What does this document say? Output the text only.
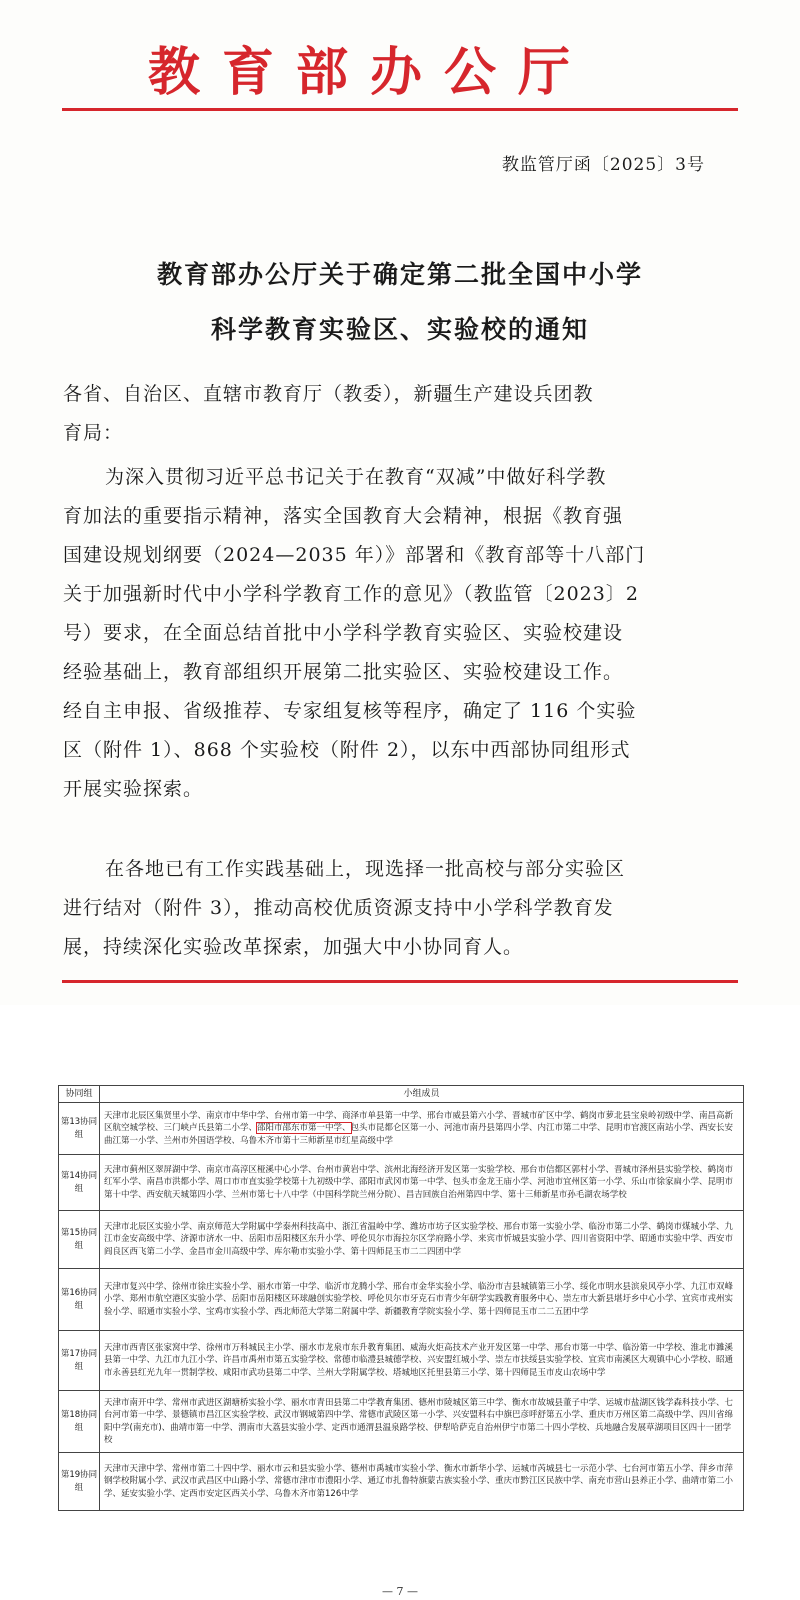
教育部办公厅
教监管厅函〔2025〕3号
教育部办公厅关于确定第二批全国中小学
科学教育实验区、实验校的通知
各省、自治区、直辖市教育厅（教委），新疆生产建设兵团教
育局：
为深入贯彻习近平总书记关于在教育“双减”中做好科学教
育加法的重要指示精神，落实全国教育大会精神，根据《教育强
国建设规划纲要（2024—2035 年）》部署和《教育部等十八部门
关于加强新时代中小学科学教育工作的意见》（教监管〔2023〕2
号）要求，在全面总结首批中小学科学教育实验区、实验校建设
经验基础上，教育部组织开展第二批实验区、实验校建设工作。
经自主申报、省级推荐、专家组复核等程序，确定了 116 个实验
区（附件 1）、868 个实验校（附件 2），以东中西部协同组形式
开展实验探索。
在各地已有工作实践基础上，现选择一批高校与部分实验区
进行结对（附件 3），推动高校优质资源支持中小学科学教育发
展，持续深化实验改革探索，加强大中小协同育人。
协同组	小组成员
第13协同组	天津市北辰区集贤里小学、南京市中华中学、台州市第一中学、商泽市单县第一中学、邢台市威县第六小学、晋城市矿区中学、鹤岗市萝北县宝泉岭初级中学、南昌高新区航空城学校、三门峡卢氏县第二小学、邵阳市邵东市第一中学、包头市昆都仑区第一小、河池市南丹县第四小学、内江市第二中学、昆明市官渡区南站小学、西安长安曲江第一小学、兰州市外国语学校、乌鲁木齐市第十三师新星市红星高级中学
第14协同组	天津市蓟州区翠屏湖中学、南京市高淳区桠溪中心小学、台州市黄岩中学、滨州北海经济开发区第一实验学校、邢台市信都区郭村小学、晋城市泽州县实验学校、鹤岗市红军小学、南昌市洪都小学、周口市市直实验学校第十九初级中学、邵阳市武冈市第一中学、包头市金龙王庙小学、河池市宜州区第一小学、乐山市徐家扁小学、昆明市第十中学、西安航天城第四小学、兰州市第七十八中学（中国科学院兰州分院）、昌吉回族自治州第四中学、第十三师新星市孙毛湖农场学校
第15协同组	天津市北辰区实验小学、南京师范大学附属中学泰州科技高中、浙江省温岭中学、潍坊市坊子区实验学校、邢台市第一实验小学、临汾市第二小学、鹤岗市煤城小学、九江市金安高级中学、济源市济水一中、岳阳市岳阳楼区东升小学、呼伦贝尔市海拉尔区学府路小学、来宾市忻城县实验小学、四川省资阳中学、昭通市实验中学、西安市阎良区西飞第二小学、金昌市金川高级中学、库尔勒市实验小学、第十四师昆玉市二二四团中学
第16协同组	天津市复兴中学、徐州市徐庄实验小学、丽水市第一中学、临沂市龙腾小学、邢台市金华实验小学、临汾市吉县城镇第三小学、绥化市明水县滨泉风亭小学、九江市双峰小学、郑州市航空港区实验小学、岳阳市岳阳楼区环球融创实验学校、呼伦贝尔市牙克石市青少年研学实践教育服务中心、崇左市大新县堪圩乡中心小学、宜宾市戎州实验小学、昭通市实验小学、宝鸡市实验小学、西北师范大学第二附属中学、新疆教育学院实验小学、第十四师昆玉市二二五团中学
第17协同组	天津市西青区张家窝中学、徐州市万科城民主小学、丽水市龙泉市东升教育集团、威海火炬高技术产业开发区第一中学、邢台市第一中学、临汾第一中学校、淮北市濉溪县第一中学、九江市九江小学、许昌市禹州市第五实验学校、常德市临澧县城德学校、兴安盟红城小学、崇左市扶绥县实验学校、宜宾市南溪区大观镇中心小学校、昭通市永善县红光九年一贯制学校、咸阳市武功县第二中学、兰州大学附属学校、塔城地区托里县第三小学、第十四师昆玉市皮山农场中学
第18协同组	天津市南开中学、常州市武进区湖塘桥实验小学、丽水市青田县第二中学教育集团、德州市陵城区第三中学、衡水市故城县董子中学、运城市盐湖区钱学森科技小学、七台河市第一中学、景德镇市昌江区实验学校、武汉市钢城第四中学、常德市武陵区第一小学、兴安盟科右中旗巴彦呼舒第五小学、重庆市万州区第二高级中学、四川省绵阳中学(南充市)、曲靖市第一中学、渭南市大荔县实验小学、定西市通渭县温泉路学校、伊犁哈萨克自治州伊宁市第二十四小学校、兵地融合发展草湖项目区四十一团学校
第19协同组	天津市天津中学、常州市第二十四中学、丽水市云和县实验小学、德州市禹城市实验小学、衡水市新华小学、运城市芮城县七一示范小学、七台河市第五小学、萍乡市萍钢学校附属小学、武汉市武昌区中山路小学、常德市津市市澧阳小学、通辽市扎鲁特旗蒙古族实验小学、重庆市黔江区民族中学、南充市营山县养正小学、曲靖市第二小学、延安实验小学、定西市安定区西关小学、乌鲁木齐市第126中学
— 7 —
